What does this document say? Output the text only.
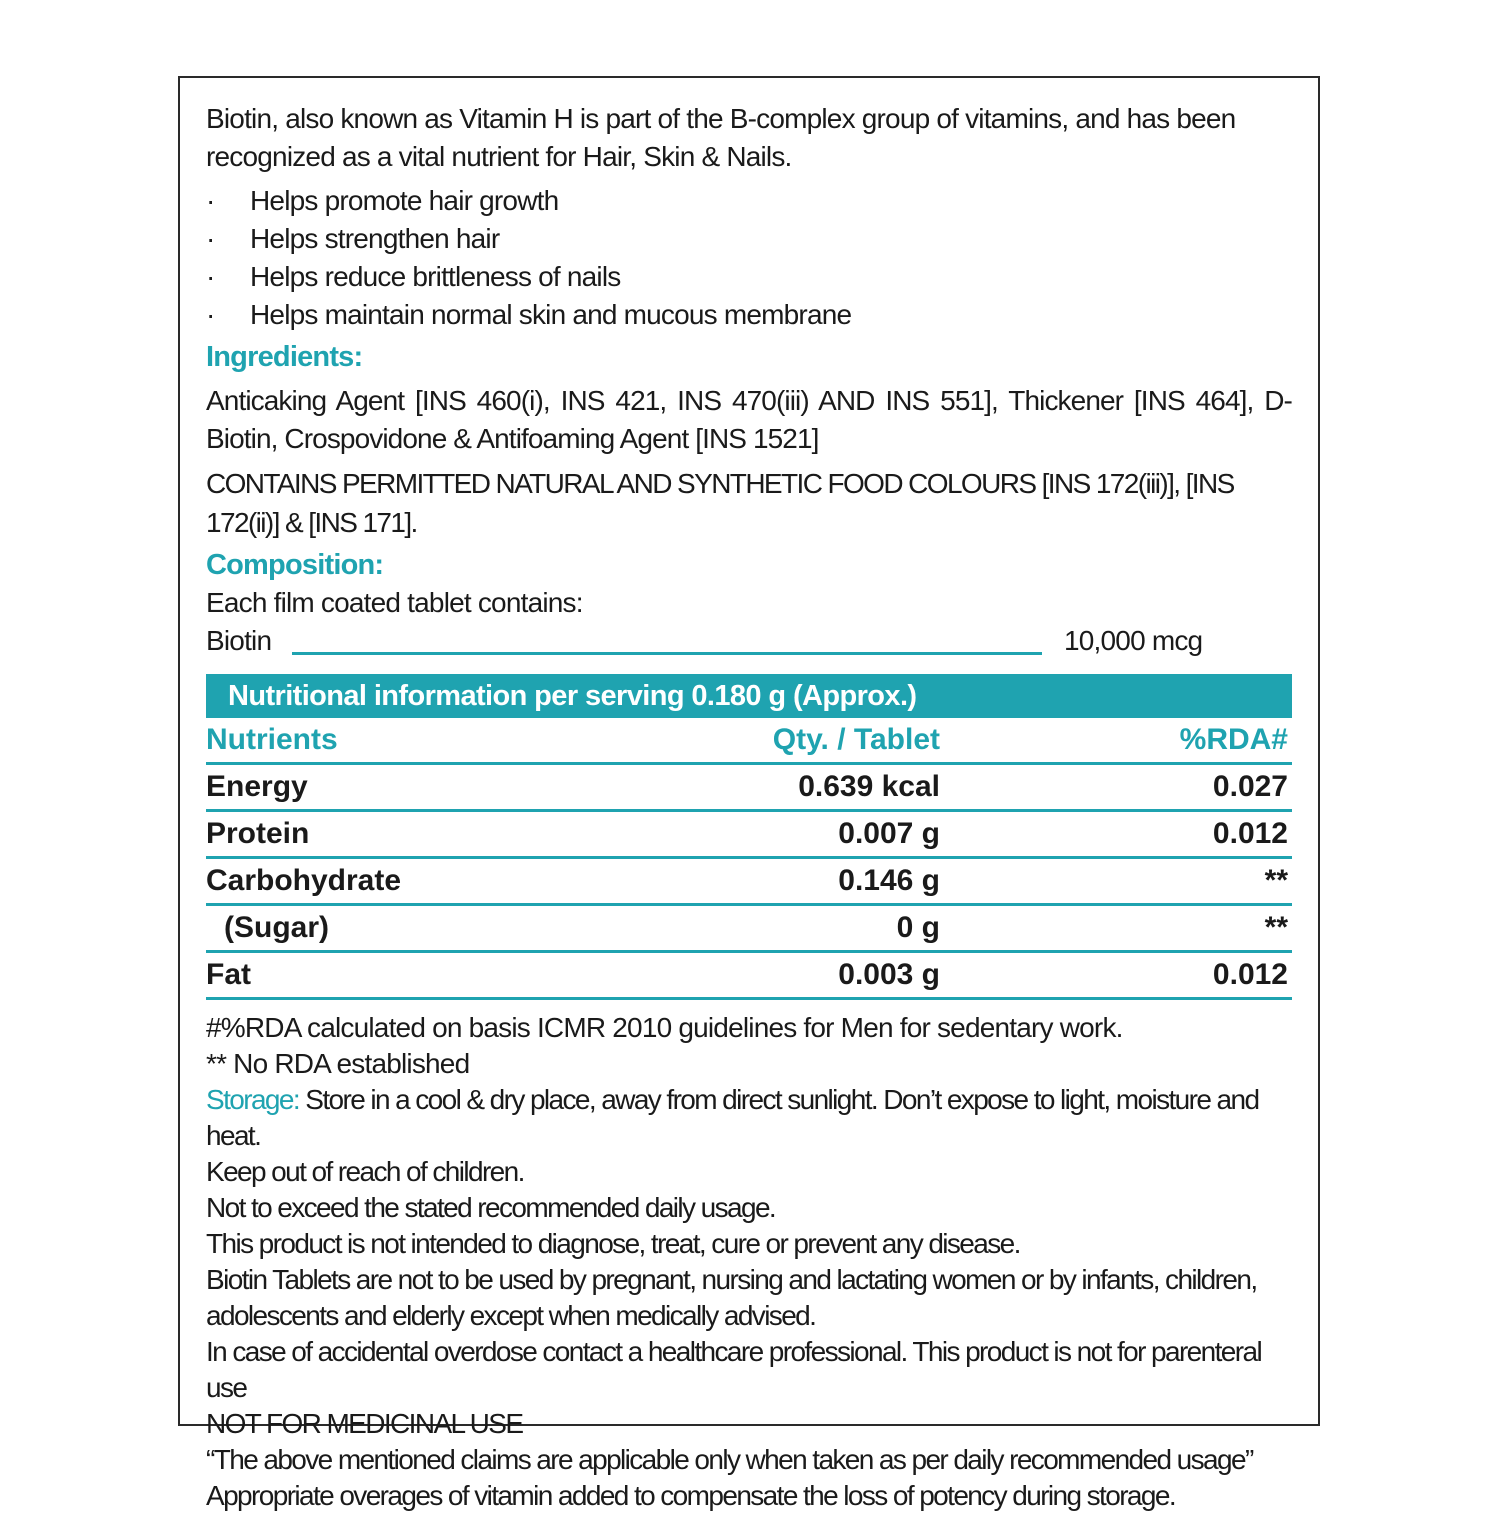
Biotin, also known as Vitamin H is part of the B-complex group of vitamins, and has been recognized as a vital nutrient for Hair, Skin & Nails.

· Helps promote hair growth
· Helps strengthen hair
· Helps reduce brittleness of nails
· Helps maintain normal skin and mucous membrane
Ingredients:
Anticaking Agent [INS 460(i), INS 421, INS 470(iii) AND INS 551], Thickener [INS 464], D-Biotin, Crospovidone & Antifoaming Agent [INS 1521]
CONTAINS PERMITTED NATURAL AND SYNTHETIC FOOD COLOURS [INS 172(iii)], [INS 172(ii)] & [INS 171].
Composition:
Each film coated tablet contains:
Biotin	10,000 mcg
Nutritional information per serving 0.180 g (Approx.)
Nutrients	Qty. / Tablet	%RDA#
Energy	0.639 kcal	0.027
Protein	0.007 g	0.012
Carbohydrate	0.146 g	**
(Sugar)	0 g	**
Fat	0.003 g	0.012
#%RDA calculated on basis ICMR 2010 guidelines for Men for sedentary work.
** No RDA established
Storage: Store in a cool & dry place, away from direct sunlight. Don’t expose to light, moisture and heat.
Keep out of reach of children.
Not to exceed the stated recommended daily usage.
This product is not intended to diagnose, treat, cure or prevent any disease.
Biotin Tablets are not to be used by pregnant, nursing and lactating women or by infants, children, adolescents and elderly except when medically advised.
In case of accidental overdose contact a healthcare professional. This product is not for parenteral use
NOT FOR MEDICINAL USE
“The above mentioned claims are applicable only when taken as per daily recommended usage”
Appropriate overages of vitamin added to compensate the loss of potency during storage.
